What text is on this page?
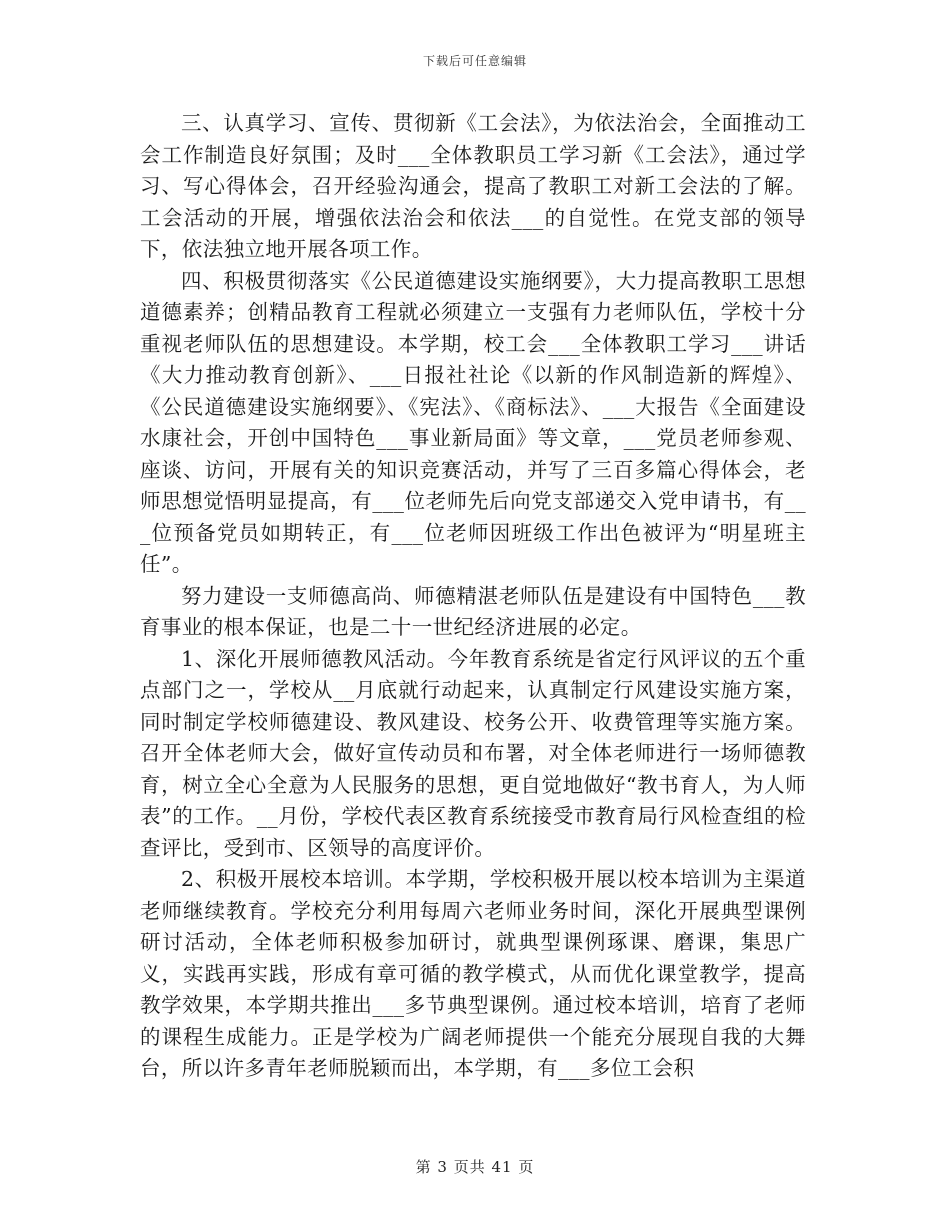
下载后可任意编辑

三、认真学习、宣传、贯彻新《工会法》，为依法治会，全面推动工会工作制造良好氛围；及时___全体教职员工学习新《工会法》，通过学习、写心得体会，召开经验沟通会，提高了教职工对新工会法的了解。工会活动的开展，增强依法治会和依法___的自觉性。在党支部的领导下，依法独立地开展各项工作。

四、积极贯彻落实《公民道德建设实施纲要》，大力提高教职工思想道德素养；创精品教育工程就必须建立一支强有力老师队伍，学校十分重视老师队伍的思想建设。本学期，校工会___全体教职工学习___讲话《大力推动教育创新》、___日报社社论《以新的作风制造新的辉煌》、《公民道德建设实施纲要》、《宪法》、《商标法》、___大报告《全面建设水康社会，开创中国特色___事业新局面》等文章，___党员老师参观、座谈、访问，开展有关的知识竞赛活动，并写了三百多篇心得体会，老师思想觉悟明显提高，有___位老师先后向党支部递交入党申请书，有___位预备党员如期转正，有___位老师因班级工作出色被评为“明星班主任”。

努力建设一支师德高尚、师德精湛老师队伍是建设有中国特色___教育事业的根本保证，也是二十一世纪经济进展的必定。

1、深化开展师德教风活动。今年教育系统是省定行风评议的五个重点部门之一，学校从__月底就行动起来，认真制定行风建设实施方案，同时制定学校师德建设、教风建设、校务公开、收费管理等实施方案。召开全体老师大会，做好宣传动员和布署，对全体老师进行一场师德教育，树立全心全意为人民服务的思想，更自觉地做好“教书育人，为人师表”的工作。__月份，学校代表区教育系统接受市教育局行风检查组的检查评比，受到市、区领导的高度评价。

2、积极开展校本培训。本学期，学校积极开展以校本培训为主渠道老师继续教育。学校充分利用每周六老师业务时间，深化开展典型课例研讨活动，全体老师积极参加研讨，就典型课例琢课、磨课，集思广义，实践再实践，形成有章可循的教学模式，从而优化课堂教学，提高教学效果，本学期共推出___多节典型课例。通过校本培训，培育了老师的课程生成能力。正是学校为广阔老师提供一个能充分展现自我的大舞台，所以许多青年老师脱颖而出，本学期，有___多位工会积

第 3 页共 41 页
